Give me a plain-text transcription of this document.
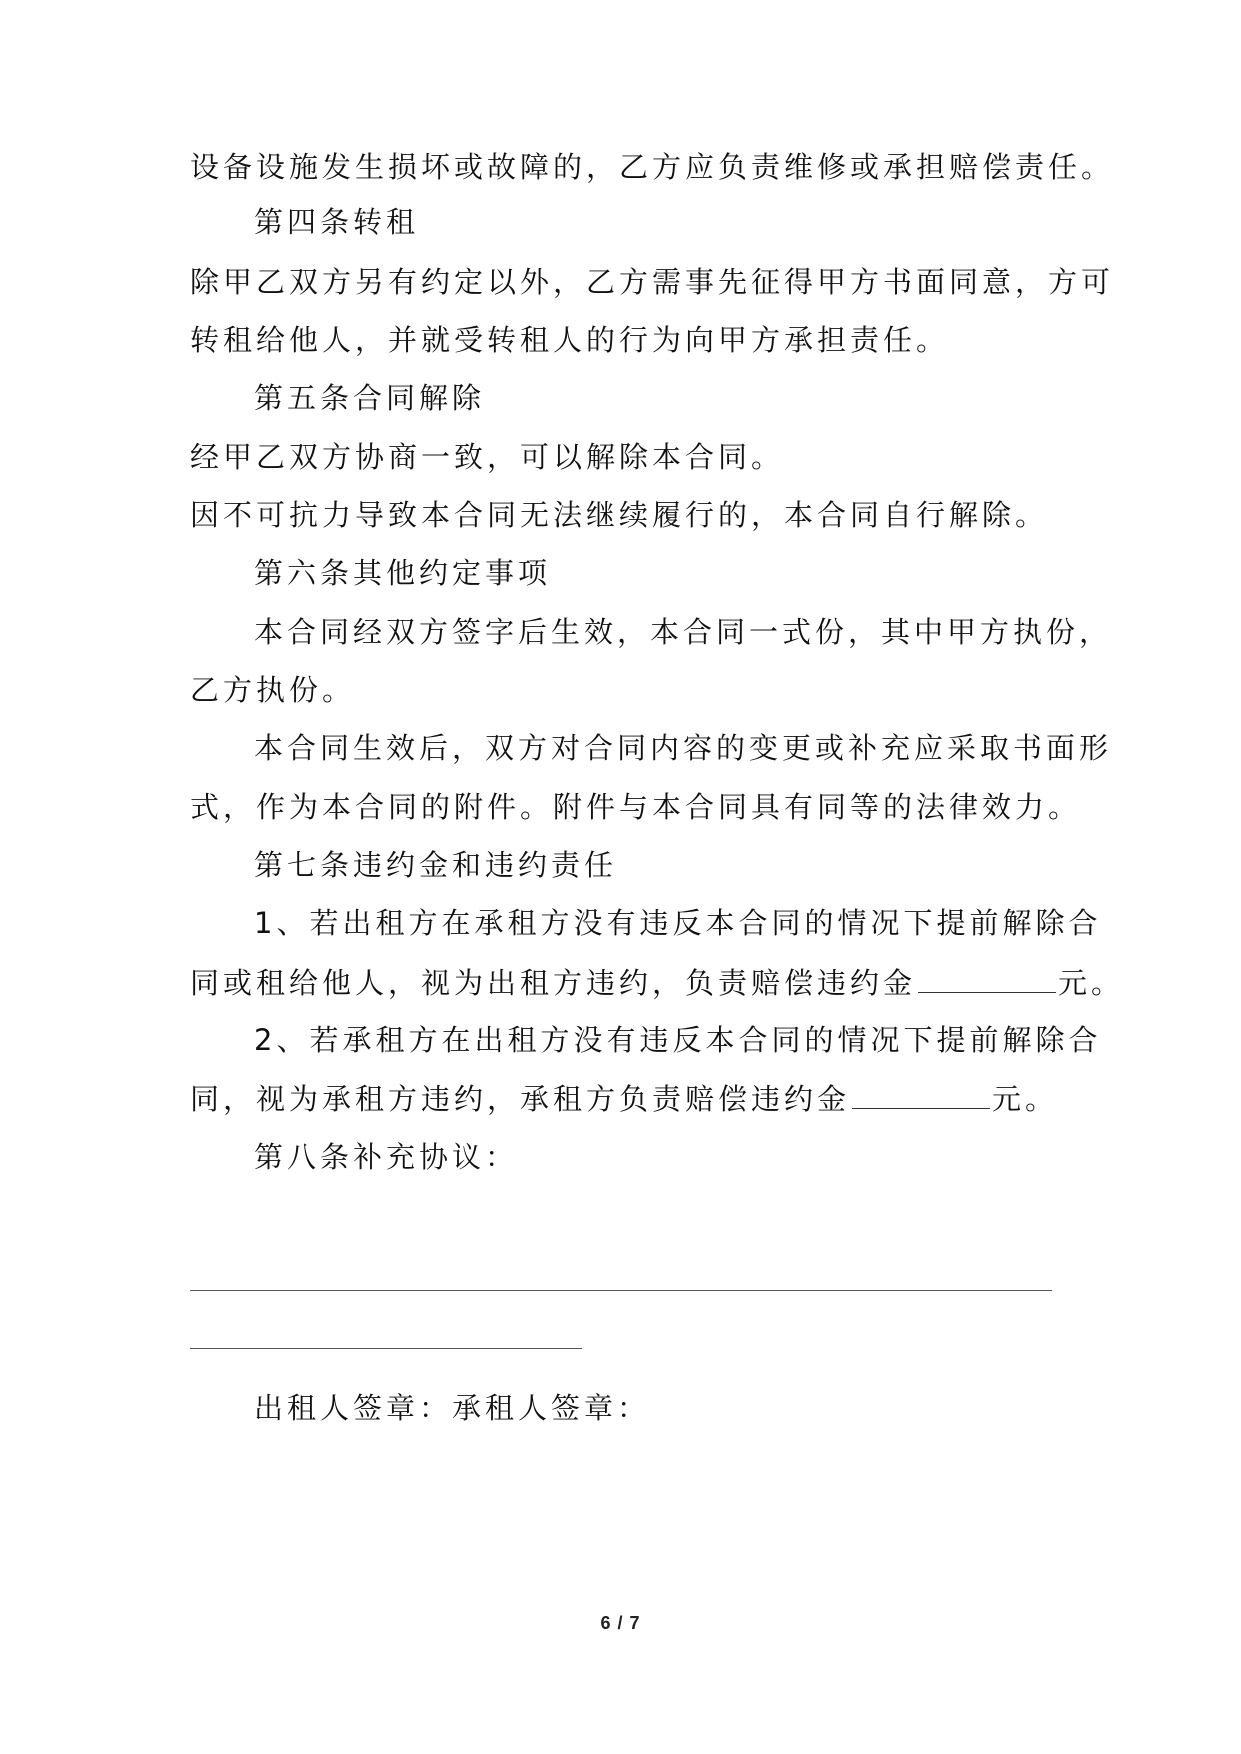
设备设施发生损坏或故障的，乙方应负责维修或承担赔偿责任。
第四条转租
除甲乙双方另有约定以外，乙方需事先征得甲方书面同意，方可
转租给他人，并就受转租人的行为向甲方承担责任。
第五条合同解除
经甲乙双方协商一致，可以解除本合同。
因不可抗力导致本合同无法继续履行的，本合同自行解除。
第六条其他约定事项
本合同经双方签字后生效，本合同一式份，其中甲方执份，
乙方执份。
本合同生效后，双方对合同内容的变更或补充应采取书面形
式，作为本合同的附件。附件与本合同具有同等的法律效力。
第七条违约金和违约责任
1、若出租方在承租方没有违反本合同的情况下提前解除合
同或租给他人，视为出租方违约，负责赔偿违约金	元。
2、若承租方在出租方没有违反本合同的情况下提前解除合
同，视为承租方违约，承租方负责赔偿违约金	元。
第八条补充协议：
出租人签章：承租人签章：
6 / 7
